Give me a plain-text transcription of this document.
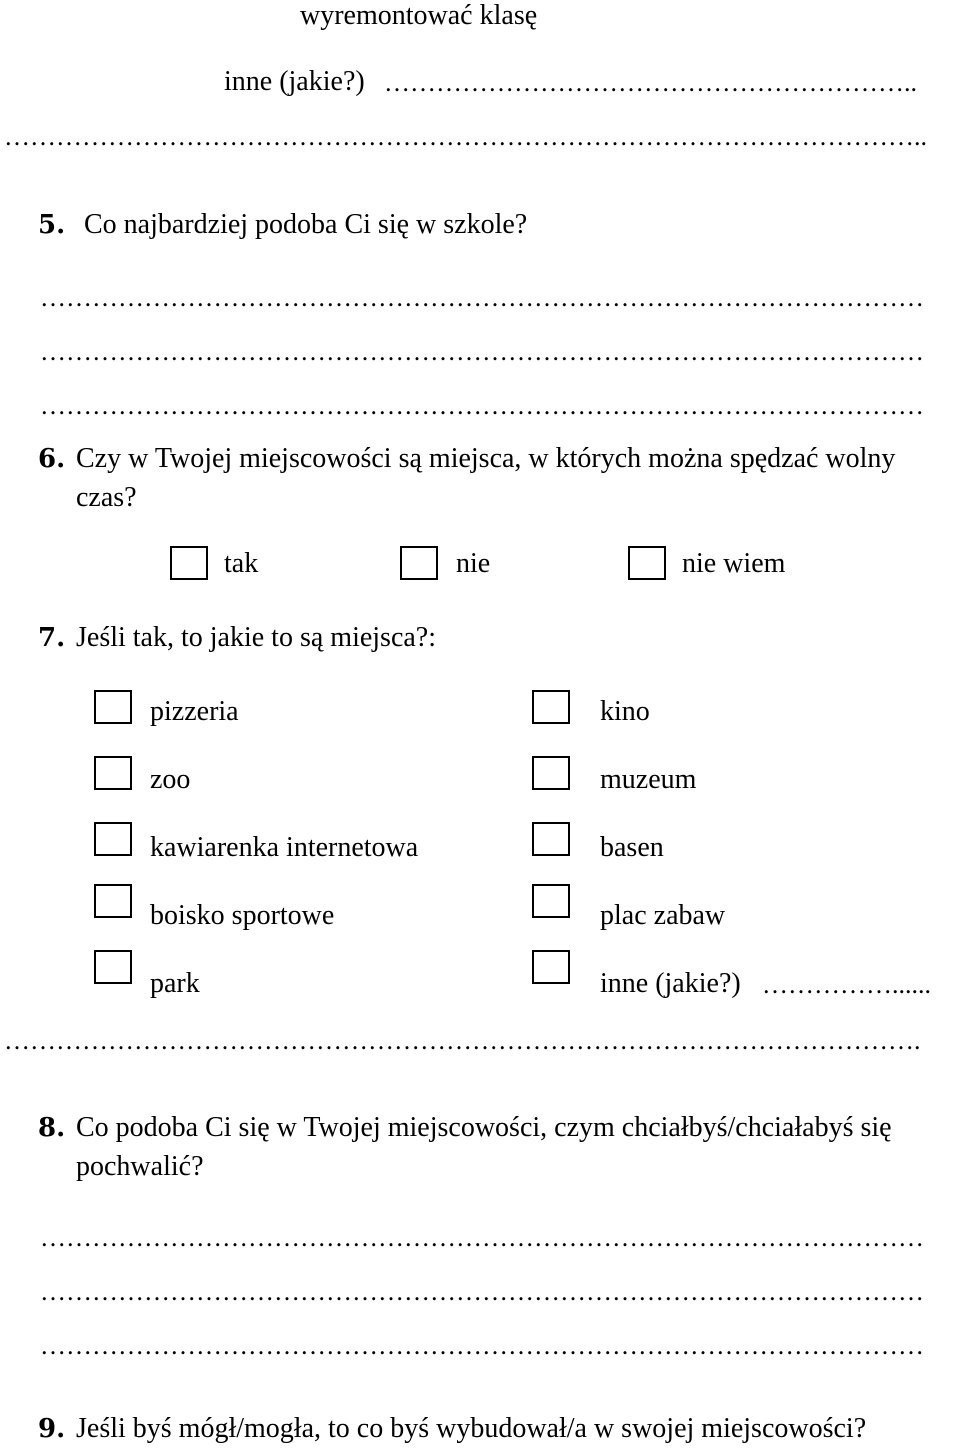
wyremontować klasę
inne (jakie?) ……………………………………………………..
……………………………………………………………………………………………..
5. Co najbardziej podoba Ci się w szkole?
…………………………………………………………………………………………
…………………………………………………………………………………………
…………………………………………………………………………………………
6. Czy w Twojej miejscowości są miejsca, w których można spędzać wolny
czas?
tak	nie	nie wiem
7. Jeśli tak, to jakie to są miejsca?:
pizzeria
zoo
kawiarenka internetowa
boisko sportowe
park
kino
muzeum
basen
plac zabaw
inne (jakie?) ……………......
…………………………………………………………………………………………….
8. Co podoba Ci się w Twojej miejscowości, czym chciałbyś/chciałabyś się
pochwalić?
…………………………………………………………………………………………
…………………………………………………………………………………………
…………………………………………………………………………………………
9. Jeśli byś mógł/mogła, to co byś wybudował/a w swojej miejscowości?
